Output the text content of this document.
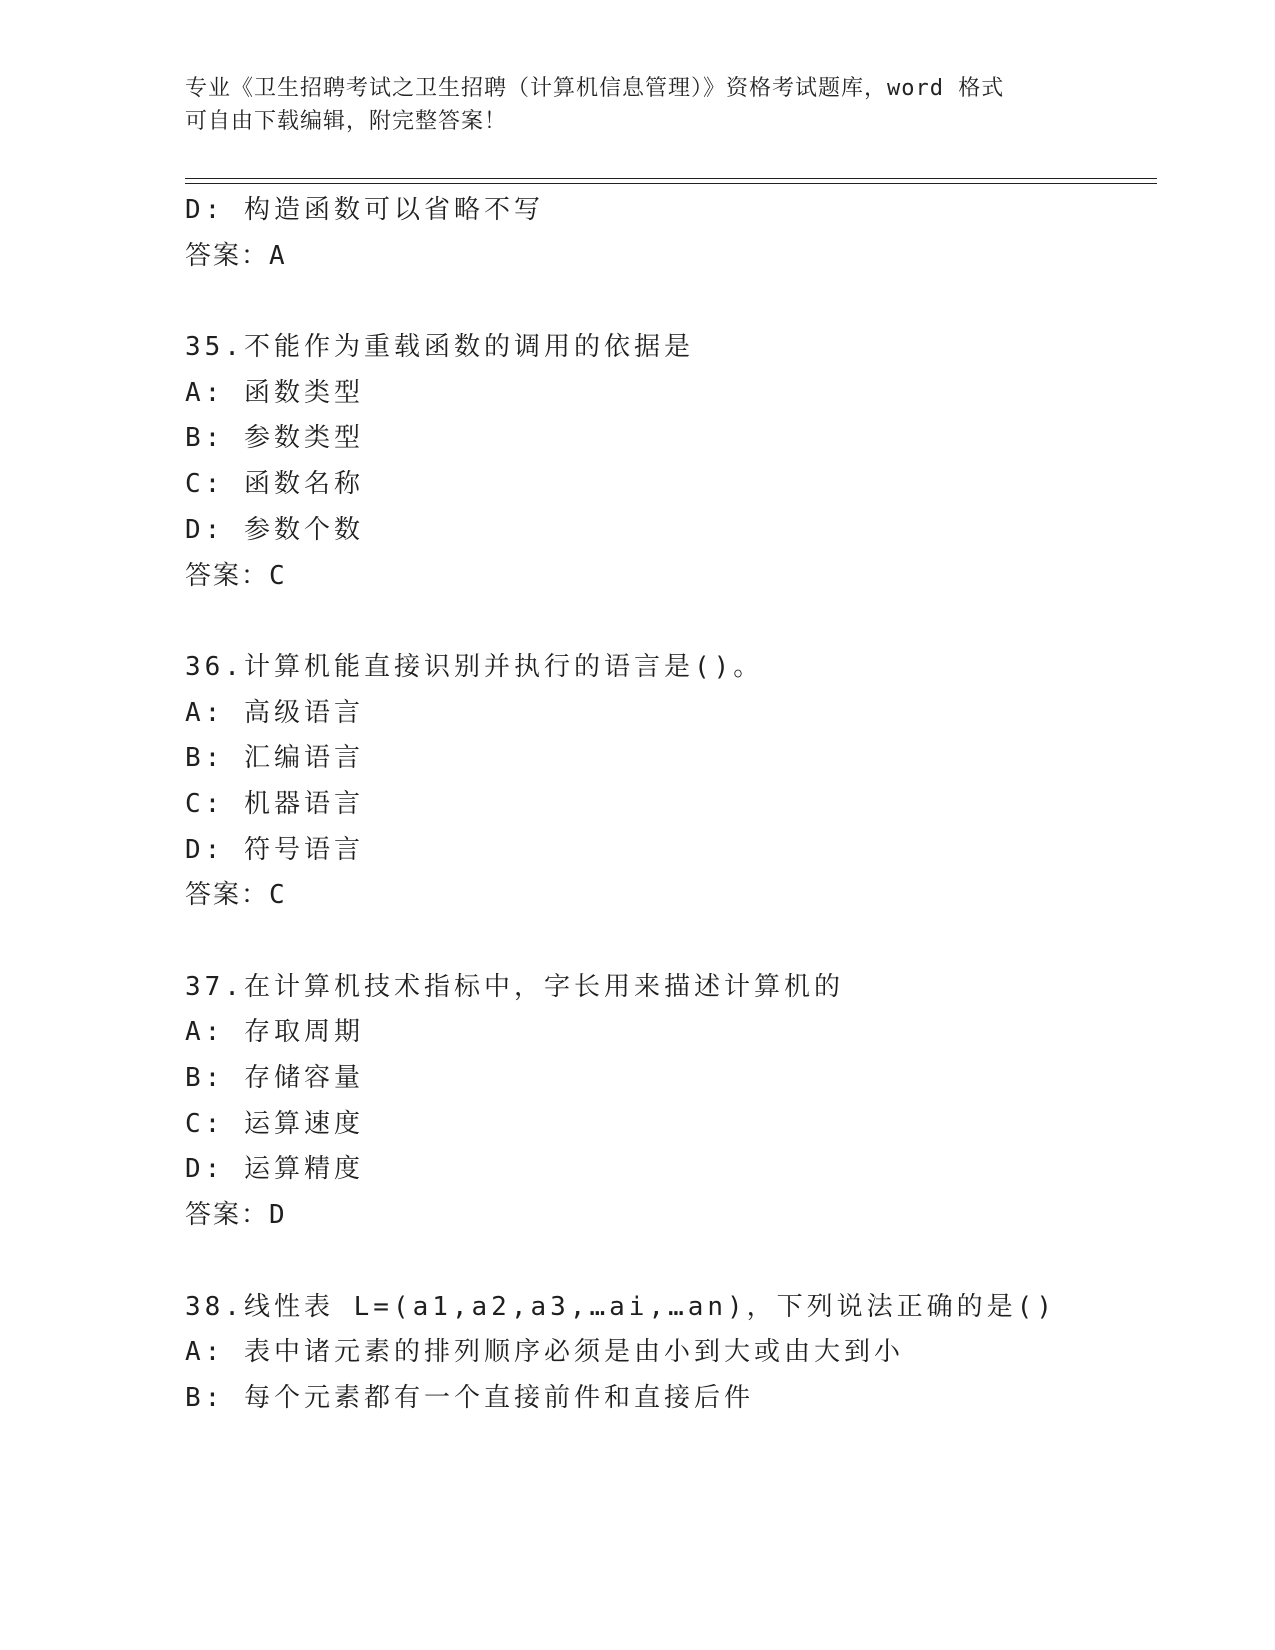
专业《卫生招聘考试之卫生招聘（计算机信息管理）》资格考试题库，word 格式
可自由下载编辑，附完整答案！
D: 构造函数可以省略不写
答案：A
35.不能作为重载函数的调用的依据是
A: 函数类型
B: 参数类型
C: 函数名称
D: 参数个数
答案：C
36.计算机能直接识别并执行的语言是()。
A: 高级语言
B: 汇编语言
C: 机器语言
D: 符号语言
答案：C
37.在计算机技术指标中，字长用来描述计算机的
A: 存取周期
B: 存储容量
C: 运算速度
D: 运算精度
答案：D
38.线性表 L=(a1,a2,a3,…ai,…an)，下列说法正确的是()
A: 表中诸元素的排列顺序必须是由小到大或由大到小
B: 每个元素都有一个直接前件和直接后件
